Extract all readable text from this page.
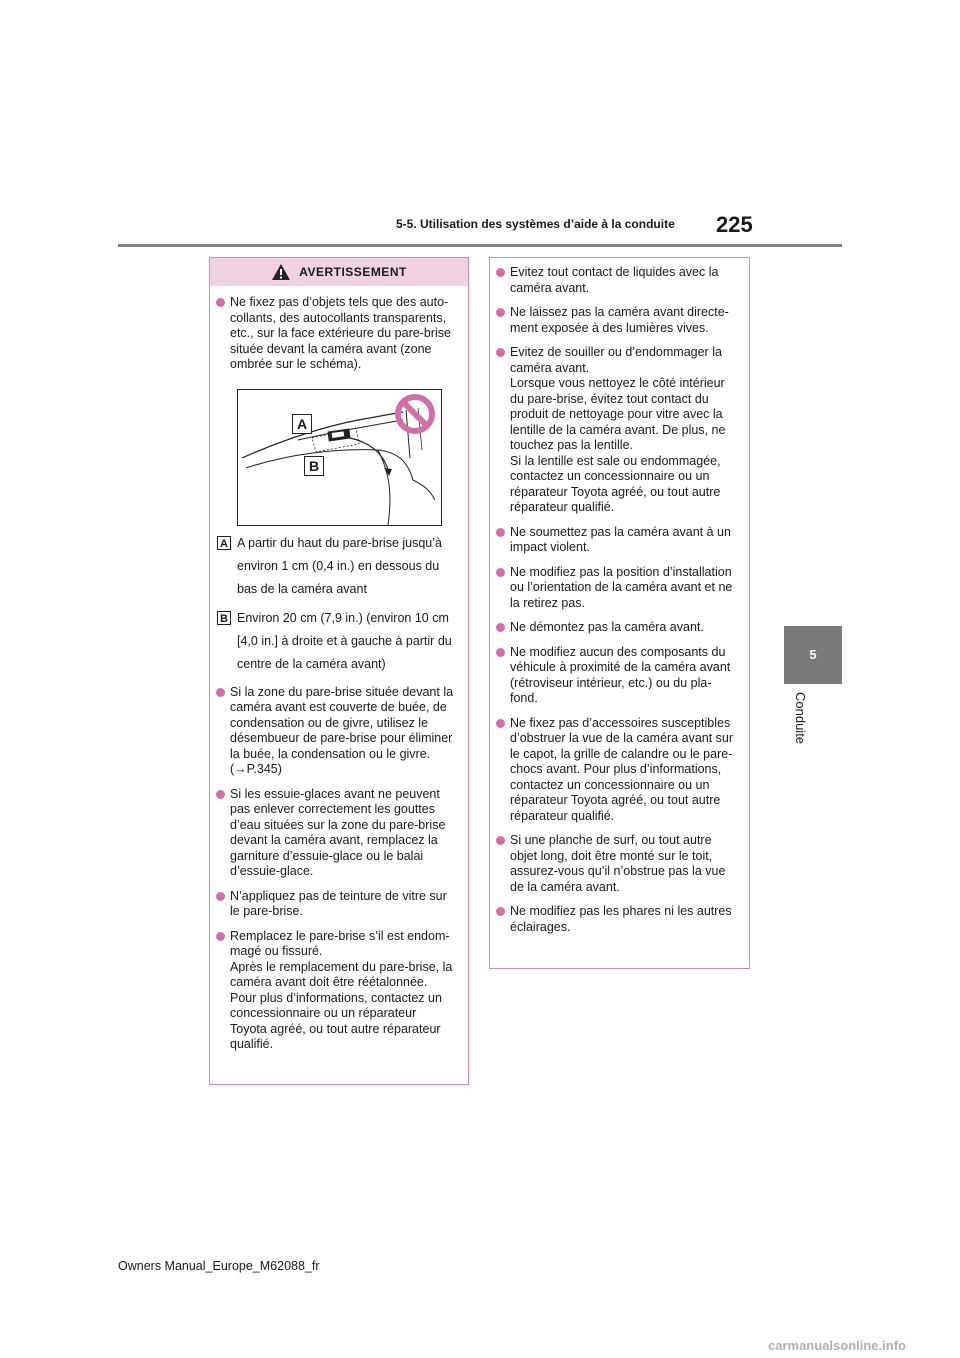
5-5. Utilisation des systèmes d’aide à la conduite 225
5
Conduite
AVERTISSEMENT
Ne fixez pas d’objets tels que des auto-
collants, des autocollants transparents,
etc., sur la face extérieure du pare-brise
située devant la caméra avant (zone
ombrée sur le schéma).
A
B
A A partir du haut du pare-brise jusqu’à environ 1 cm (0,4 in.) en dessous du bas de la caméra avant
B Environ 20 cm (7,9 in.) (environ 10 cm [4,0 in.] à droite et à gauche à partir du centre de la caméra avant)
Si la zone du pare-brise située devant la
caméra avant est couverte de buée, de
condensation ou de givre, utilisez le
désembueur de pare-brise pour éliminer
la buée, la condensation ou le givre.
(→P.345)
Si les essuie-glaces avant ne peuvent
pas enlever correctement les gouttes
d’eau situées sur la zone du pare-brise
devant la caméra avant, remplacez la
garniture d’essuie-glace ou le balai
d’essuie-glace.
N’appliquez pas de teinture de vitre sur
le pare-brise.
Remplacez le pare-brise s’il est endom-
magé ou fissuré.
Après le remplacement du pare-brise, la
caméra avant doit être réétalonnée.
Pour plus d’informations, contactez un
concessionnaire ou un réparateur
Toyota agréé, ou tout autre réparateur
qualifié.
Evitez tout contact de liquides avec la
caméra avant.
Ne laissez pas la caméra avant directe-
ment exposée à des lumières vives.
Evitez de souiller ou d’endommager la
caméra avant.
Lorsque vous nettoyez le côté intérieur
du pare-brise, évitez tout contact du
produit de nettoyage pour vitre avec la
lentille de la caméra avant. De plus, ne
touchez pas la lentille.
Si la lentille est sale ou endommagée,
contactez un concessionnaire ou un
réparateur Toyota agréé, ou tout autre
réparateur qualifié.
Ne soumettez pas la caméra avant à un
impact violent.
Ne modifiez pas la position d’installation
ou l’orientation de la caméra avant et ne
la retirez pas.
Ne démontez pas la caméra avant.
Ne modifiez aucun des composants du
véhicule à proximité de la caméra avant
(rétroviseur intérieur, etc.) ou du pla-
fond.
Ne fixez pas d’accessoires susceptibles
d’obstruer la vue de la caméra avant sur
le capot, la grille de calandre ou le pare-
chocs avant. Pour plus d’informations,
contactez un concessionnaire ou un
réparateur Toyota agréé, ou tout autre
réparateur qualifié.
Si une planche de surf, ou tout autre
objet long, doit être monté sur le toit,
assurez-vous qu’il n’obstrue pas la vue
de la caméra avant.
Ne modifiez pas les phares ni les autres
éclairages.
Owners Manual_Europe_M62088_fr
carmanualsonline.info
